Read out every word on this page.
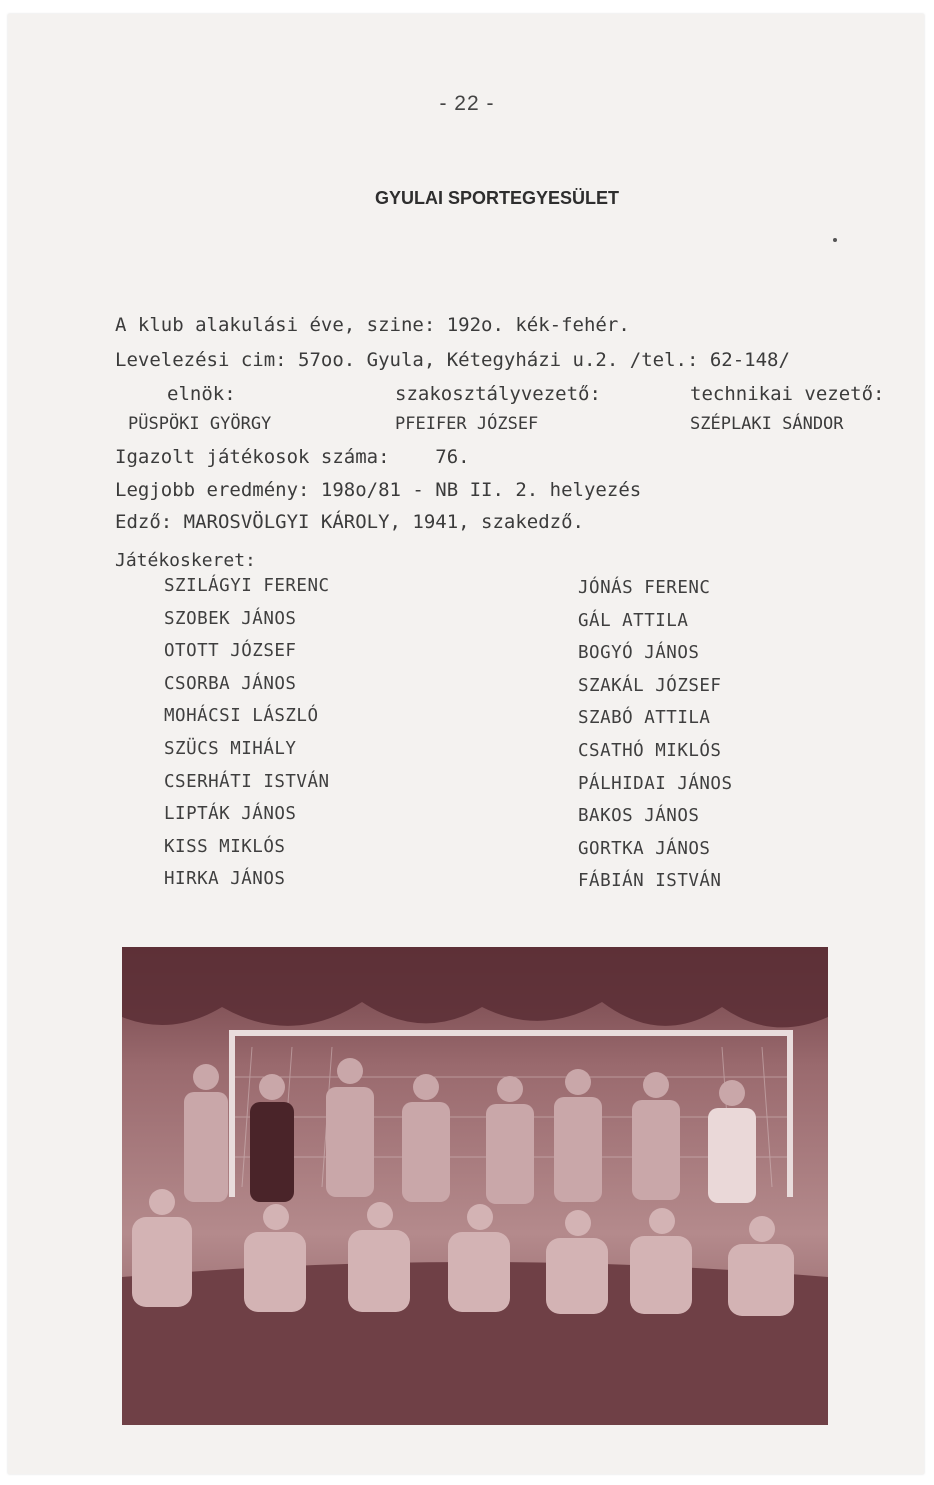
- 22 -
GYULAI SPORTEGYESÜLET
A klub alakulási éve, szine: 192o. kék-fehér.
Levelezési cim: 57oo. Gyula, Kétegyházi u.2. /tel.: 62-148/
elnök:	szakosztályvezető:	technikai vezető:
PÜSPÖKI GYÖRGY	PFEIFER JÓZSEF	SZÉPLAKI SÁNDOR
Igazolt játékosok száma:    76.
Legjobb eredmény: 198o/81 - NB II. 2. helyezés
Edző: MAROSVÖLGYI KÁROLY, 1941, szakedző.
Játékoskeret:
SZILÁGYI FERENC
SZOBEK JÁNOS
OTOTT JÓZSEF
CSORBA JÁNOS
MOHÁCSI LÁSZLÓ
SZÜCS MIHÁLY
CSERHÁTI ISTVÁN
LIPTÁK JÁNOS
KISS MIKLÓS
HIRKA JÁNOS
JÓNÁS FERENC
GÁL ATTILA
BOGYÓ JÁNOS
SZAKÁL JÓZSEF
SZABÓ ATTILA
CSATHÓ MIKLÓS
PÁLHIDAI JÁNOS
BAKOS JÁNOS
GORTKA JÁNOS
FÁBIÁN ISTVÁN
